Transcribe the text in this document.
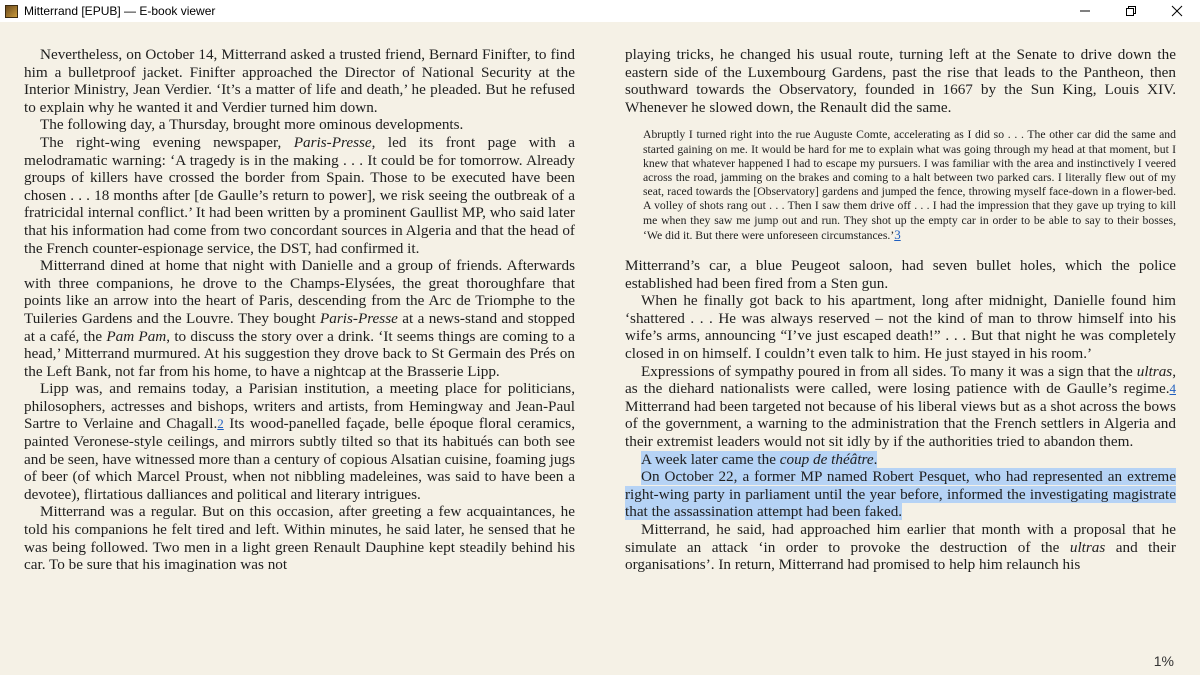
Mitterrand [EPUB] — E-book viewer

Nevertheless, on October 14, Mitterrand asked a trusted friend, Bernard Finifter, to find him a bulletproof jacket. Finifter approached the Director of National Security at the Interior Ministry, Jean Verdier. ‘It’s a matter of life and death,’ he pleaded. But he refused to explain why he wanted it and Verdier turned him down.

The following day, a Thursday, brought more ominous developments.

The right-wing evening newspaper, Paris-Presse, led its front page with a melodramatic warning: ‘A tragedy is in the making . . . It could be for tomorrow. Already groups of killers have crossed the border from Spain. Those to be executed have been chosen . . . 18 months after [de Gaulle’s return to power], we risk seeing the outbreak of a fratricidal internal conflict.’ It had been written by a prominent Gaullist MP, who said later that his information had come from two concordant sources in Algeria and that the head of the French counter-espionage service, the DST, had confirmed it.

Mitterrand dined at home that night with Danielle and a group of friends. Afterwards with three companions, he drove to the Champs-Elysées, the great thoroughfare that points like an arrow into the heart of Paris, descending from the Arc de Triomphe to the Tuileries Gardens and the Louvre. They bought Paris-Presse at a news-stand and stopped at a café, the Pam Pam, to discuss the story over a drink. ‘It seems things are coming to a head,’ Mitterrand murmured. At his suggestion they drove back to St Germain des Prés on the Left Bank, not far from his home, to have a nightcap at the Brasserie Lipp.

Lipp was, and remains today, a Parisian institution, a meeting place for politicians, philosophers, actresses and bishops, writers and artists, from Hemingway and Jean-Paul Sartre to Verlaine and Chagall.2 Its wood-panelled façade, belle époque floral ceramics, painted Veronese-style ceilings, and mirrors subtly tilted so that its habitués can both see and be seen, have witnessed more than a century of copious Alsatian cuisine, foaming jugs of beer (of which Marcel Proust, when not nibbling madeleines, was said to have been a devotee), flirtatious dalliances and political and literary intrigues.

Mitterrand was a regular. But on this occasion, after greeting a few acquaintances, he told his companions he felt tired and left. Within minutes, he said later, he sensed that he was being followed. Two men in a light green Renault Dauphine kept steadily behind his car. To be sure that his imagination was not

playing tricks, he changed his usual route, turning left at the Senate to drive down the eastern side of the Luxembourg Gardens, past the rise that leads to the Pantheon, then southward towards the Observatory, founded in 1667 by the Sun King, Louis XIV. Whenever he slowed down, the Renault did the same.

Abruptly I turned right into the rue Auguste Comte, accelerating as I did so . . . The other car did the same and started gaining on me. It would be hard for me to explain what was going through my head at that moment, but I knew that whatever happened I had to escape my pursuers. I was familiar with the area and instinctively I veered across the road, jamming on the brakes and coming to a halt between two parked cars. I literally flew out of my seat, raced towards the [Observatory] gardens and jumped the fence, throwing myself face-down in a flower-bed. A volley of shots rang out . . . Then I saw them drive off . . . I had the impression that they gave up trying to kill me when they saw me jump out and run. They shot up the empty car in order to be able to say to their bosses, ‘We did it. But there were unforeseen circumstances.’3

Mitterrand’s car, a blue Peugeot saloon, had seven bullet holes, which the police established had been fired from a Sten gun.

When he finally got back to his apartment, long after midnight, Danielle found him ‘shattered . . . He was always reserved – not the kind of man to throw himself into his wife’s arms, announcing “I’ve just escaped death!” . . . But that night he was completely closed in on himself. I couldn’t even talk to him. He just stayed in his room.’

Expressions of sympathy poured in from all sides. To many it was a sign that the ultras, as the diehard nationalists were called, were losing patience with de Gaulle’s regime.4 Mitterrand had been targeted not because of his liberal views but as a shot across the bows of the government, a warning to the administration that the French settlers in Algeria and their extremist leaders would not sit idly by if the authorities tried to abandon them.

A week later came the coup de théâtre.

On October 22, a former MP named Robert Pesquet, who had represented an extreme right-wing party in parliament until the year before, informed the investigating magistrate that the assassination attempt had been faked.

Mitterrand, he said, had approached him earlier that month with a proposal that he simulate an attack ‘in order to provoke the destruction of the ultras and their organisations’. In return, Mitterrand had promised to help him relaunch his

1%
